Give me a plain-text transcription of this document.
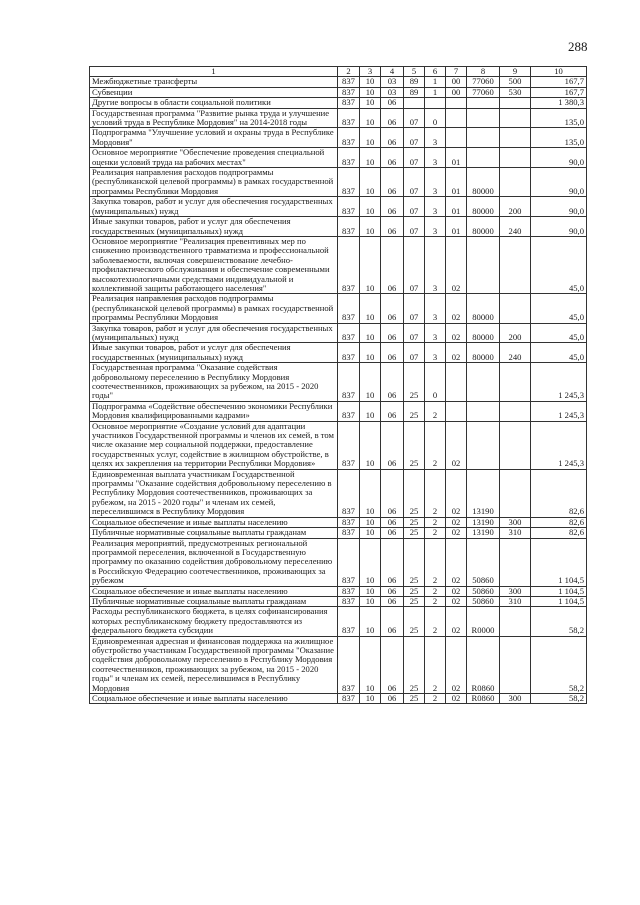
288
1	2	3	4	5	6	7	8	9	10
Межбюджетные трансферты	837	10	03	89	1	00	77060	500	167,7
Субвенции	837	10	03	89	1	00	77060	530	167,7
Другие вопросы в области социальной политики	837	10	06						1 380,3
Государственная программа "Развитие рынка труда и улучшение условий труда в Республике Мордовия" на 2014-2018 годы	837	10	06	07	0				135,0
Подпрограмма "Улучшение условий и охраны труда в Республике Мордовия"	837	10	06	07	3				135,0
Основное мероприятие "Обеспечение проведения специальной оценки условий труда на рабочих местах"	837	10	06	07	3	01			90,0
Реализация направления расходов подпрограммы (республиканской целевой программы) в рамках государственной программы Республики Мордовия	837	10	06	07	3	01	80000		90,0
Закупка товаров, работ и услуг для обеспечения государственных (муниципальных) нужд	837	10	06	07	3	01	80000	200	90,0
Иные закупки товаров, работ и услуг для обеспечения государственных (муниципальных) нужд	837	10	06	07	3	01	80000	240	90,0
Основное мероприятие "Реализация превентивных мер по снижению производственного травматизма и профессиональной заболеваемости, включая совершенствование лечебно-профилактического обслуживания и обеспечение современными высокотехнологичными средствами индивидуальной и коллективной защиты работающего населения"	837	10	06	07	3	02			45,0
Реализация направления расходов подпрограммы (республиканской целевой программы) в рамках государственной программы Республики Мордовия	837	10	06	07	3	02	80000		45,0
Закупка товаров, работ и услуг для обеспечения государственных (муниципальных) нужд	837	10	06	07	3	02	80000	200	45,0
Иные закупки товаров, работ и услуг для обеспечения государственных (муниципальных) нужд	837	10	06	07	3	02	80000	240	45,0
Государственная программа "Оказание содействия добровольному переселению в Республику Мордовия соотечественников, проживающих за рубежом, на 2015 - 2020 годы"	837	10	06	25	0				1 245,3
Подпрограмма «Содействие обеспечению экономики Республики Мордовия квалифицированными кадрами»	837	10	06	25	2				1 245,3
Основное мероприятие «Создание условий для адаптации участников Государственной программы и членов их семей, в том числе оказание мер социальной поддержки, предоставление государственных услуг, содействие в жилищном обустройстве, в целях их закрепления на территории Республики Мордовия»	837	10	06	25	2	02			1 245,3
Единовременная выплата участникам Государственной программы "Оказание содействия добровольному переселению в Республику Мордовия соотечественников, проживающих за рубежом, на 2015 - 2020 годы" и членам их семей, переселившимся в Республику Мордовия	837	10	06	25	2	02	13190		82,6
Социальное обеспечение и иные выплаты населению	837	10	06	25	2	02	13190	300	82,6
Публичные нормативные социальные выплаты гражданам	837	10	06	25	2	02	13190	310	82,6
Реализация мероприятий, предусмотренных региональной программой переселения, включенной в Государственную программу по оказанию содействия добровольному переселению в Российскую Федерацию соотечественников, проживающих за рубежом	837	10	06	25	2	02	50860		1 104,5
Социальное обеспечение и иные выплаты населению	837	10	06	25	2	02	50860	300	1 104,5
Публичные нормативные социальные выплаты гражданам	837	10	06	25	2	02	50860	310	1 104,5
Расходы республиканского бюджета, в целях софинансирования которых республиканскому бюджету предоставляются из федерального бюджета субсидии	837	10	06	25	2	02	R0000		58,2
Единовременная адресная и финансовая поддержка на жилищное обустройство участникам Государственной программы "Оказание содействия добровольному переселению в Республику Мордовия соотечественников, проживающих за рубежом, на 2015 - 2020 годы" и членам их семей, переселившимся в Республику Мордовия	837	10	06	25	2	02	R0860		58,2
Социальное обеспечение и иные выплаты населению	837	10	06	25	2	02	R0860	300	58,2
